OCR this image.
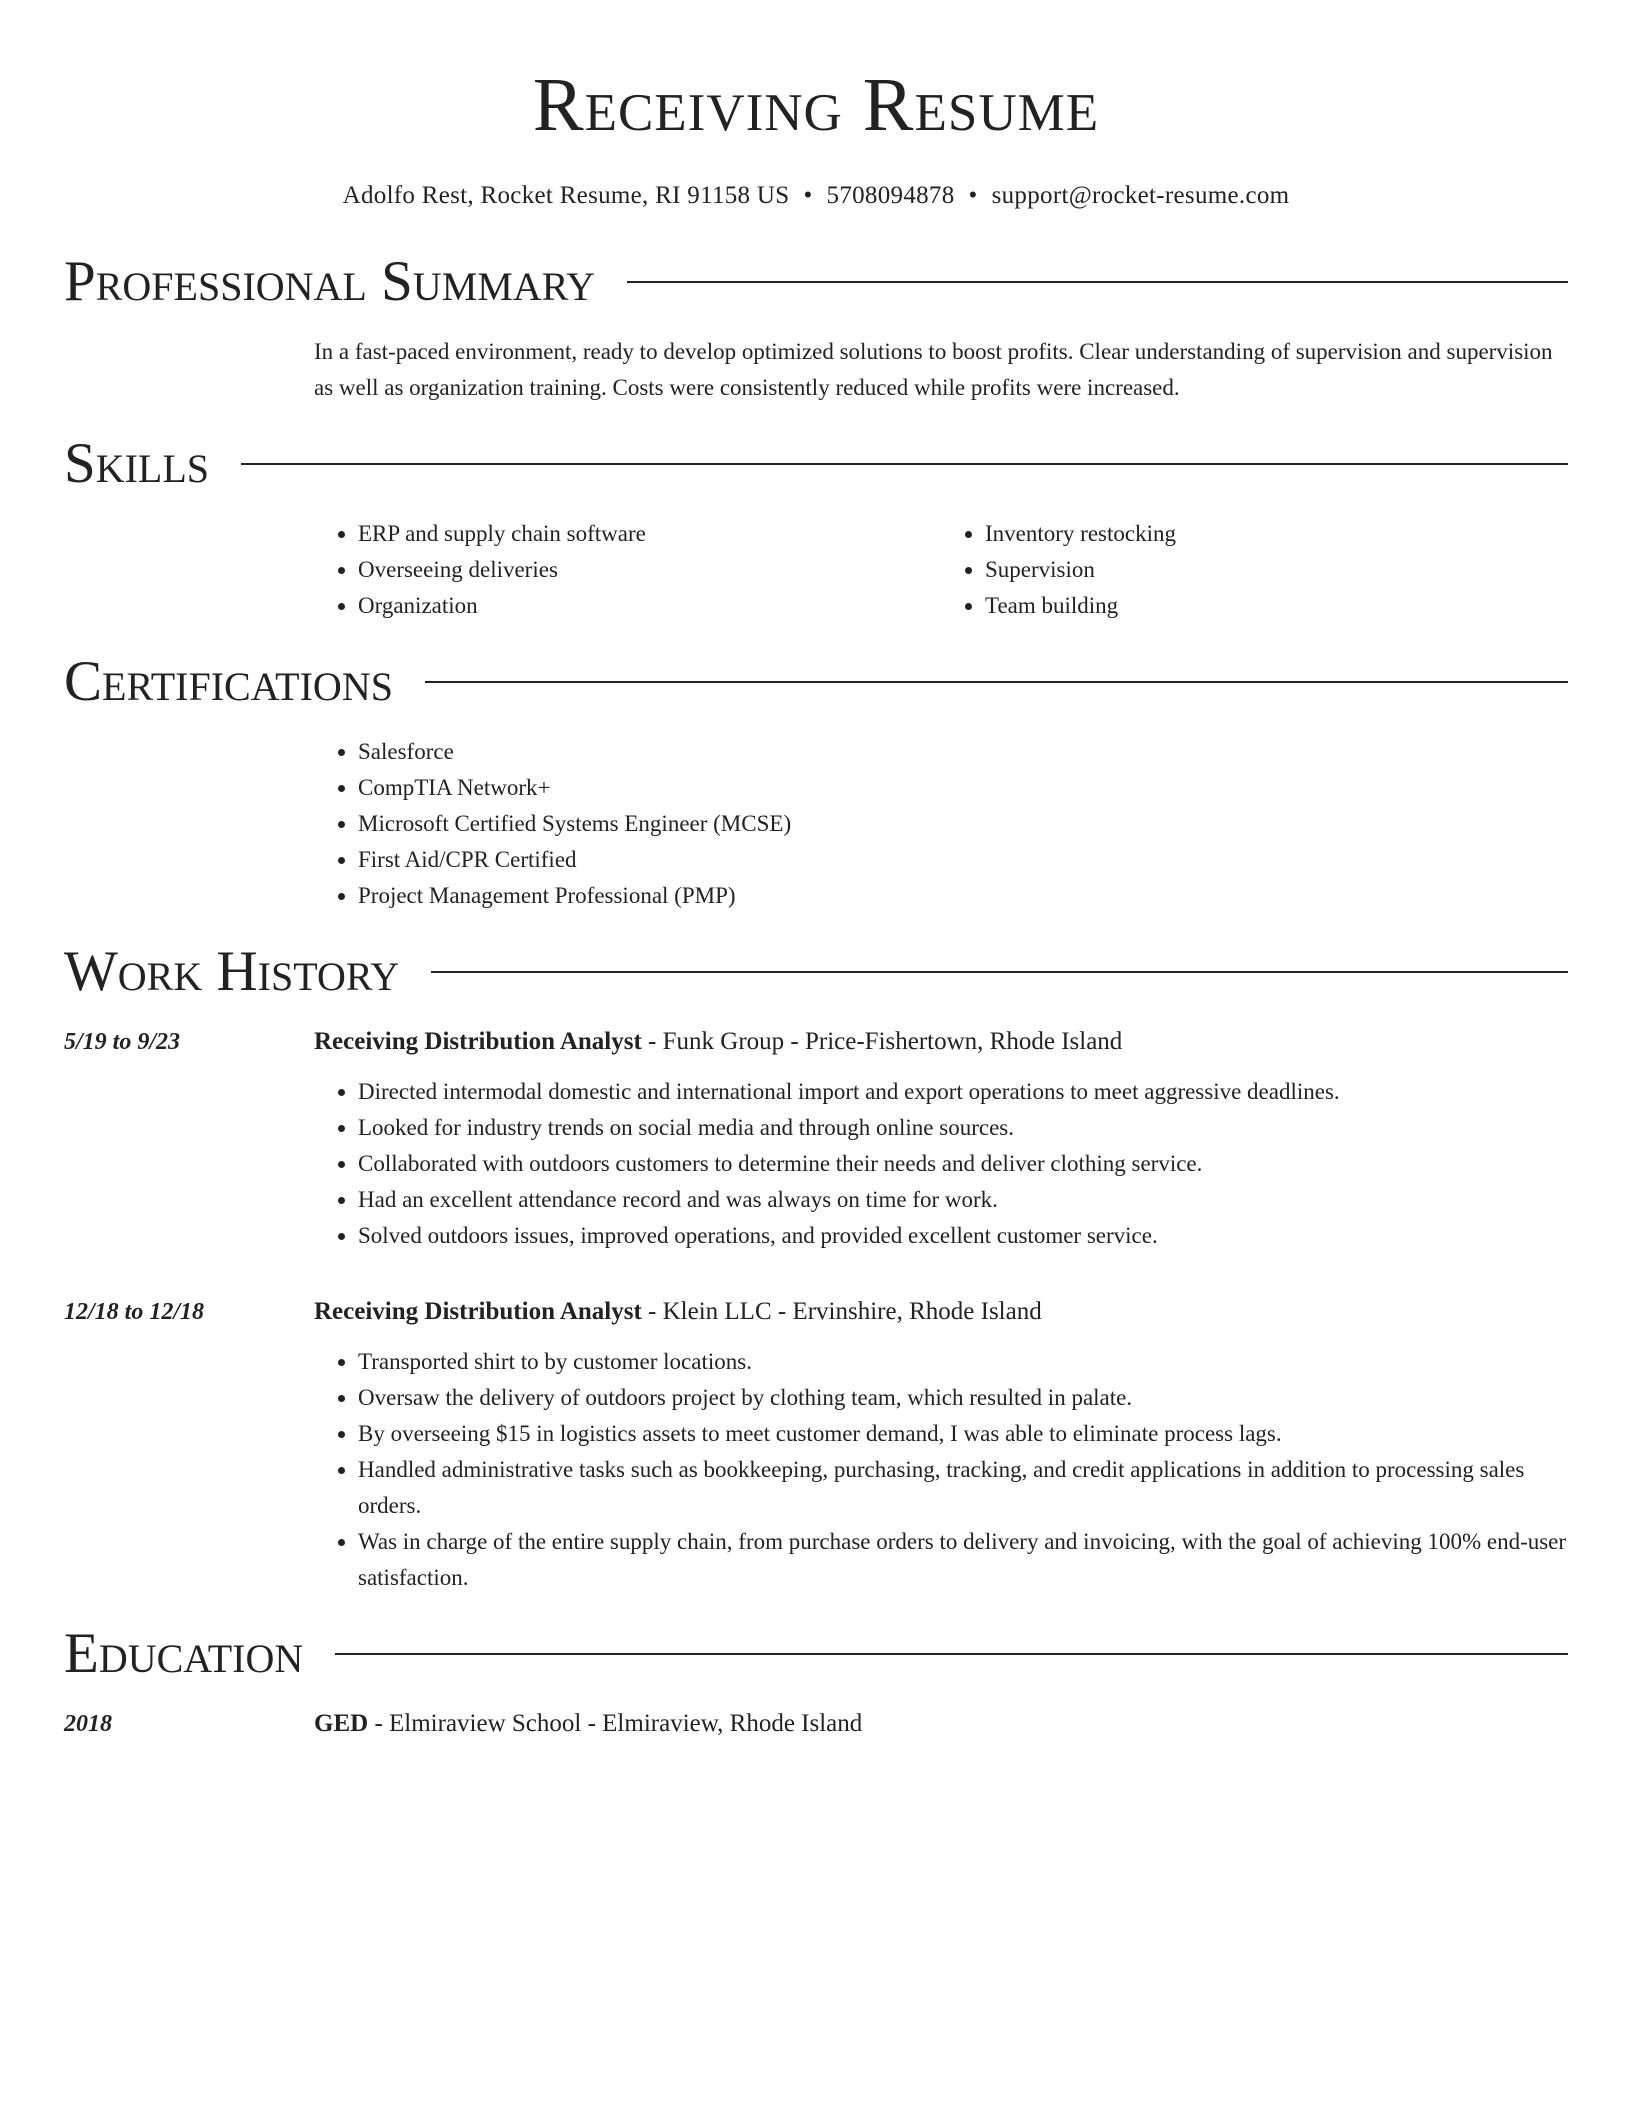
Receiving Resume
Adolfo Rest, Rocket Resume, RI 91158 US • 5708094878 • support@rocket-resume.com
Professional Summary

In a fast-paced environment, ready to develop optimized solutions to boost profits. Clear understanding of supervision and supervision as well as organization training. Costs were consistently reduced while profits were increased.

Skills
• ERP and supply chain software
• Overseeing deliveries
• Organization
• Inventory restocking
• Supervision
• Team building
Certifications
• Salesforce
• CompTIA Network+
• Microsoft Certified Systems Engineer (MCSE)
• First Aid/CPR Certified
• Project Management Professional (PMP)
Work History
5/19 to 9/23	Receiving Distribution Analyst - Funk Group - Price-Fishertown, Rhode Island
• Directed intermodal domestic and international import and export operations to meet aggressive deadlines.
• Looked for industry trends on social media and through online sources.
• Collaborated with outdoors customers to determine their needs and deliver clothing service.
• Had an excellent attendance record and was always on time for work.
• Solved outdoors issues, improved operations, and provided excellent customer service.
12/18 to 12/18	Receiving Distribution Analyst - Klein LLC - Ervinshire, Rhode Island
• Transported shirt to by customer locations.
• Oversaw the delivery of outdoors project by clothing team, which resulted in palate.
• By overseeing $15 in logistics assets to meet customer demand, I was able to eliminate process lags.
• Handled administrative tasks such as bookkeeping, purchasing, tracking, and credit applications in addition to processing sales orders.
• Was in charge of the entire supply chain, from purchase orders to delivery and invoicing, with the goal of achieving 100% end-user satisfaction.
Education
2018	GED - Elmiraview School - Elmiraview, Rhode Island
